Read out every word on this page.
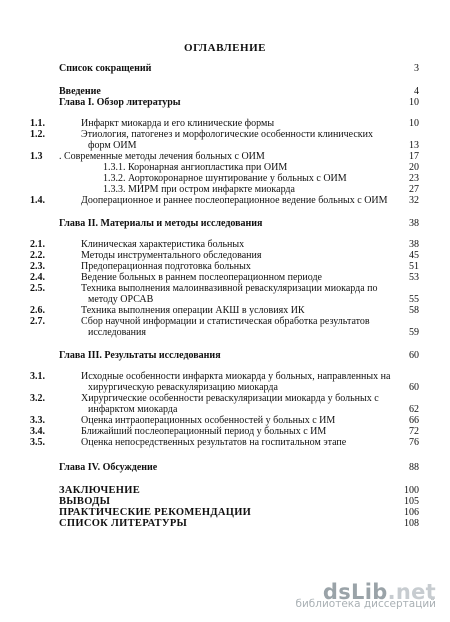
ОГЛАВЛЕНИЕ
Список сокращений	3
Введение	4
Глава I. Обзор литературы	10
1.1.	Инфаркт миокарда и его клинические формы	10
1.2.	Этиология, патогенез и морфологические особенности клинических форм ОИМ	13
1.3 . Современные методы лечения больных с ОИМ	17
1.3.1. Коронарная ангиопластика при ОИМ	20
1.3.2. Аортокоронарное шунтирование у больных с ОИМ	23
1.3.3. МИРМ при остром инфаркте миокарда	27
1.4.	Дооперационное и раннее послеоперационное ведение больных с ОИМ	32
Глава II. Материалы и методы исследования	38
2.1.	Клиническая характеристика больных	38
2.2.	Методы инструментального обследования	45
2.3.	Предоперационная подготовка больных	51
2.4.	Ведение больных в раннем послеоперационном периоде	53
2.5.	Техника выполнения малоинвазивной реваскуляризации миокарда по методу ОРСАВ	55
2.6.	Техника выполнения операции АКШ в условиях ИК	58
2.7.	Сбор научной информации и статистическая обработка результатов исследования	59
Глава III. Результаты исследования	60
3.1.	Исходные особенности инфаркта миокарда у больных, направленных на хирургическую реваскуляризацию миокарда	60
3.2.	Хирургические особенности реваскуляризации миокарда у больных с инфарктом миокарда	62
3.3.	Оценка интраоперационных особенностей у больных с ИМ	66
3.4.	Ближайший послеоперационный период у больных с ИМ	72
3.5.	Оценка непосредственных результатов на госпитальном этапе	76
Глава IV. Обсуждение	88
ЗАКЛЮЧЕНИЕ	100
ВЫВОДЫ	105
ПРАКТИЧЕСКИЕ РЕКОМЕНДАЦИИ	106
СПИСОК ЛИТЕРАТУРЫ	108
dsLib.net
библиотека диссертаций
